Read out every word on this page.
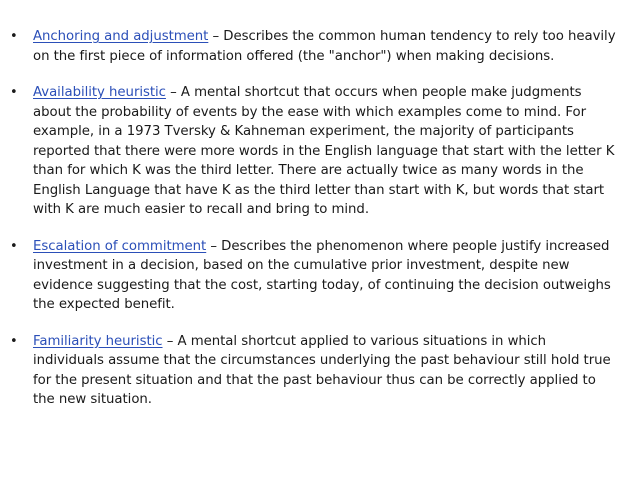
•	Anchoring and adjustment – Describes the common human tendency to rely too heavily on the first piece of information offered (the "anchor") when making decisions.
•	Availability heuristic – A mental shortcut that occurs when people make judgments about the probability of events by the ease with which examples come to mind. For example, in a 1973 Tversky & Kahneman experiment, the majority of participants reported that there were more words in the English language that start with the letter K than for which K was the third letter. There are actually twice as many words in the English Language that have K as the third letter than start with K, but words that start with K are much easier to recall and bring to mind.
•	Escalation of commitment – Describes the phenomenon where people justify increased investment in a decision, based on the cumulative prior investment, despite new evidence suggesting that the cost, starting today, of continuing the decision outweighs the expected benefit.
•	Familiarity heuristic – A mental shortcut applied to various situations in which individuals assume that the circumstances underlying the past behaviour still hold true for the present situation and that the past behaviour thus can be correctly applied to the new situation.
